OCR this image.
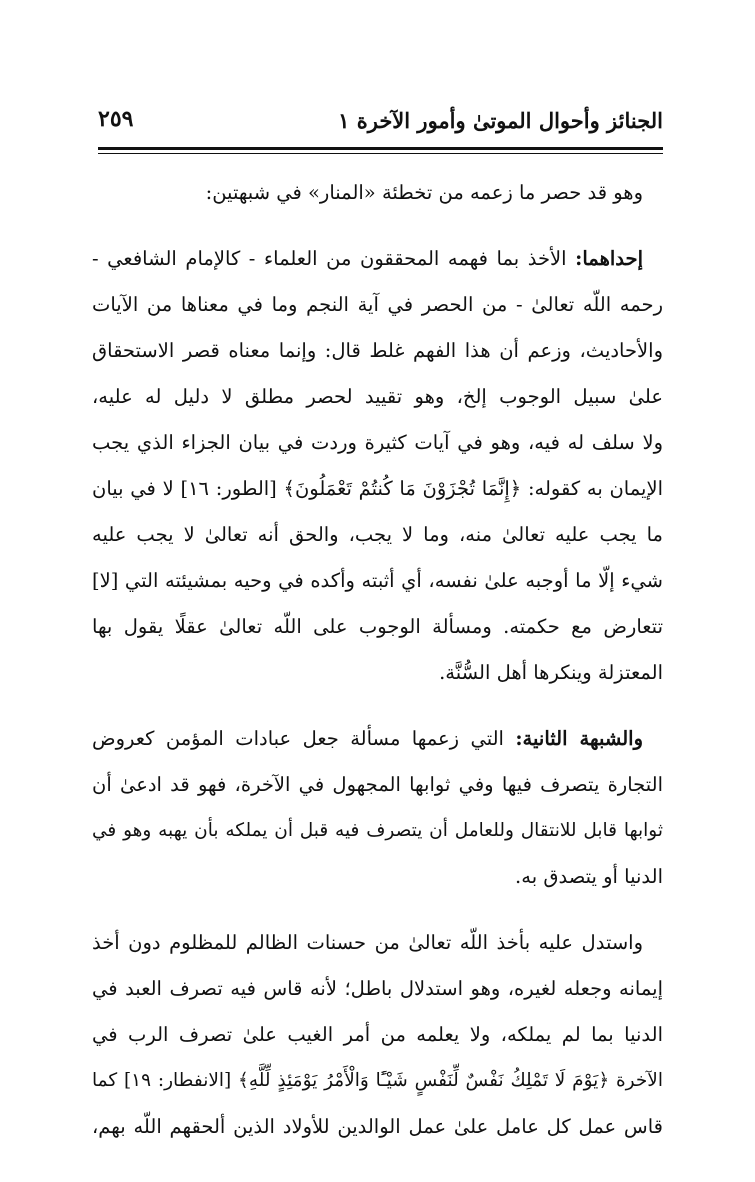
الجنائز وأحوال الموتىٰ وأمور الآخرة ١
٢٥٩
وهو قد حصر ما زعمه من تخطئة «المنار» في شبهتين:
إحداهما: الأخذ بما فهمه المحققون من العلماء - كالإمام الشافعي -
رحمه اللّه تعالىٰ - من الحصر في آية النجم وما في معناها من الآيات
والأحاديث، وزعم أن هذا الفهم غلط قال: وإنما معناه قصر الاستحقاق
علىٰ سبيل الوجوب إلخ، وهو تقييد لحصر مطلق لا دليل له عليه،
ولا سلف له فيه، وهو في آيات كثيرة وردت في بيان الجزاء الذي يجب
الإيمان به كقوله: ﴿إِنَّمَا تُجْزَوْنَ مَا كُنتُمْ تَعْمَلُونَ﴾ [الطور: ١٦] لا في بيان
ما يجب عليه تعالىٰ منه، وما لا يجب، والحق أنه تعالىٰ لا يجب عليه
شيء إلّا ما أوجبه علىٰ نفسه، أي أثبته وأكده في وحيه بمشيئته التي [لا]
تتعارض مع حكمته. ومسألة الوجوب على اللّه تعالىٰ عقلًا يقول بها
المعتزلة وينكرها أهل السُّنَّة.
والشبهة الثانية: التي زعمها مسألة جعل عبادات المؤمن كعروض
التجارة يتصرف فيها وفي ثوابها المجهول في الآخرة، فهو قد ادعىٰ أن
ثوابها قابل للانتقال وللعامل أن يتصرف فيه قبل أن يملكه بأن يهبه وهو في
الدنيا أو يتصدق به.
واستدل عليه بأخذ اللّه تعالىٰ من حسنات الظالم للمظلوم دون أخذ
إيمانه وجعله لغيره، وهو استدلال باطل؛ لأنه قاس فيه تصرف العبد في
الدنيا بما لم يملكه، ولا يعلمه من أمر الغيب علىٰ تصرف الرب في
الآخرة ﴿يَوْمَ لَا تَمْلِكُ نَفْسٌ لِّنَفْسٍ شَيْـًٔا وَالْأَمْرُ يَوْمَئِذٍ لِّلَّهِ﴾ [الانفطار: ١٩] كما
قاس عمل كل عامل علىٰ عمل الوالدين للأولاد الذين ألحقهم اللّه بهم،
